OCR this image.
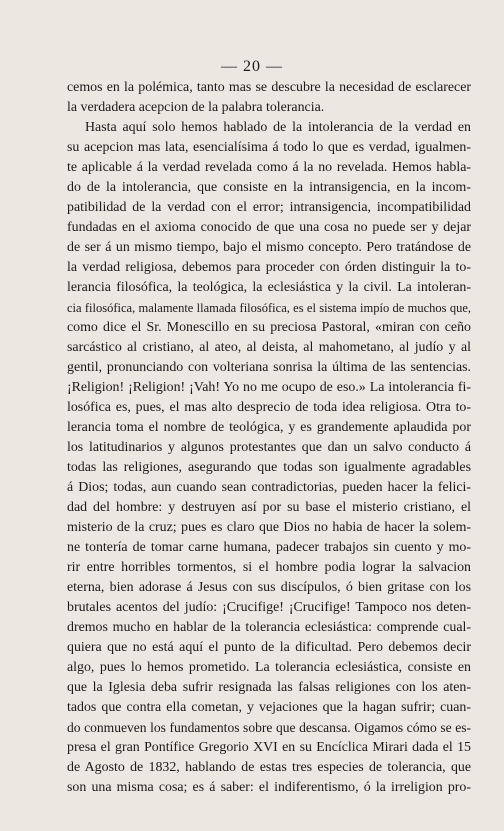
— 20 —
cemos en la polémica, tanto mas se descubre la necesidad de esclarecer
la verdadera acepcion de la palabra tolerancia.
Hasta aquí solo hemos hablado de la intolerancia de la verdad en
su acepcion mas lata, esencialísima á todo lo que es verdad, igualmen-
te aplicable á la verdad revelada como á la no revelada. Hemos habla-
do de la intolerancia, que consiste en la intransigencia, en la incom-
patibilidad de la verdad con el error; intransigencia, incompatibilidad
fundadas en el axioma conocido de que una cosa no puede ser y dejar
de ser á un mismo tiempo, bajo el mismo concepto. Pero tratándose de
la verdad religiosa, debemos para proceder con órden distinguir la to-
lerancia filosófica, la teológica, la eclesiástica y la civil. La intoleran-
cia filosófica, malamente llamada filosófica, es el sistema impío de muchos que,
como dice el Sr. Monescillo en su preciosa Pastoral, «miran con ceño
sarcástico al cristiano, al ateo, al deista, al mahometano, al judío y al
gentil, pronunciando con volteriana sonrisa la última de las sentencias.
¡Religion! ¡Religion! ¡Vah! Yo no me ocupo de eso.» La intolerancia fi-
losófica es, pues, el mas alto desprecio de toda idea religiosa. Otra to-
lerancia toma el nombre de teológica, y es grandemente aplaudida por
los latitudinarios y algunos protestantes que dan un salvo conducto á
todas las religiones, asegurando que todas son igualmente agradables
á Dios; todas, aun cuando sean contradictorias, pueden hacer la felici-
dad del hombre: y destruyen así por su base el misterio cristiano, el
misterio de la cruz; pues es claro que Dios no habia de hacer la solem-
ne tontería de tomar carne humana, padecer trabajos sin cuento y mo-
rir entre horribles tormentos, si el hombre podia lograr la salvacion
eterna, bien adorase á Jesus con sus discípulos, ó bien gritase con los
brutales acentos del judío: ¡Crucifige! ¡Crucifige! Tampoco nos deten-
dremos mucho en hablar de la tolerancia eclesiástica: comprende cual-
quiera que no está aquí el punto de la dificultad. Pero debemos decir
algo, pues lo hemos prometido. La tolerancia eclesiástica, consiste en
que la Iglesia deba sufrir resignada las falsas religiones con los aten-
tados que contra ella cometan, y vejaciones que la hagan sufrir; cuan-
do conmueven los fundamentos sobre que descansa. Oigamos cómo se es-
presa el gran Pontífice Gregorio XVI en su Encíclica Mirari dada el 15
de Agosto de 1832, hablando de estas tres especies de tolerancia, que
son una misma cosa; es á saber: el indiferentismo, ó la irreligion pro-
